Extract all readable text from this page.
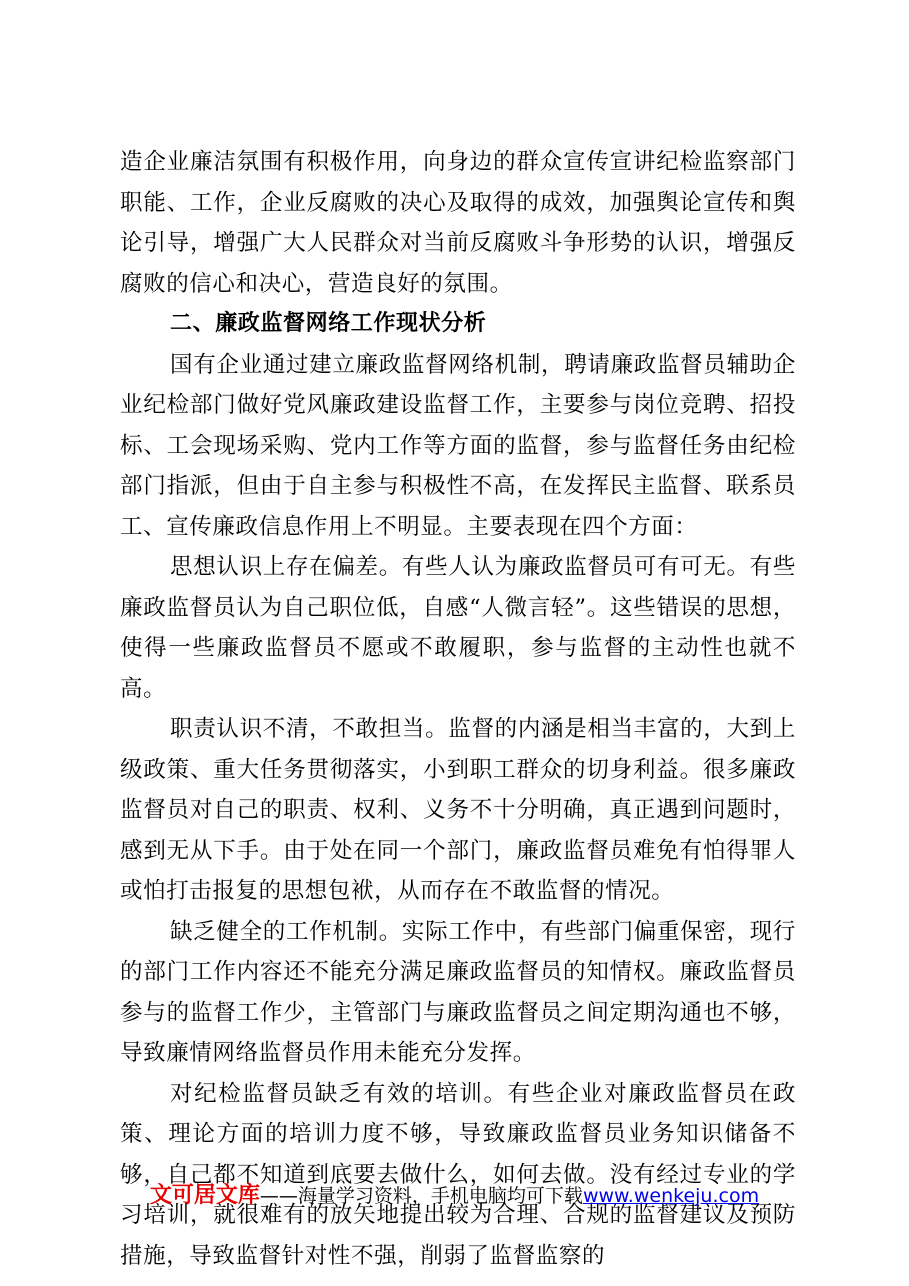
造企业廉洁氛围有积极作用，向身边的群众宣传宣讲纪检监察部门职能、工作，企业反腐败的决心及取得的成效，加强舆论宣传和舆论引导，增强广大人民群众对当前反腐败斗争形势的认识，增强反腐败的信心和决心，营造良好的氛围。

二、廉政监督网络工作现状分析

国有企业通过建立廉政监督网络机制，聘请廉政监督员辅助企业纪检部门做好党风廉政建设监督工作，主要参与岗位竞聘、招投标、工会现场采购、党内工作等方面的监督，参与监督任务由纪检部门指派，但由于自主参与积极性不高，在发挥民主监督、联系员工、宣传廉政信息作用上不明显。主要表现在四个方面：

思想认识上存在偏差。有些人认为廉政监督员可有可无。有些廉政监督员认为自己职位低，自感“人微言轻”。这些错误的思想，使得一些廉政监督员不愿或不敢履职，参与监督的主动性也就不高。

职责认识不清，不敢担当。监督的内涵是相当丰富的，大到上级政策、重大任务贯彻落实，小到职工群众的切身利益。很多廉政监督员对自己的职责、权利、义务不十分明确，真正遇到问题时，感到无从下手。由于处在同一个部门，廉政监督员难免有怕得罪人或怕打击报复的思想包袱，从而存在不敢监督的情况。

缺乏健全的工作机制。实际工作中，有些部门偏重保密，现行的部门工作内容还不能充分满足廉政监督员的知情权。廉政监督员参与的监督工作少，主管部门与廉政监督员之间定期沟通也不够，导致廉情网络监督员作用未能充分发挥。

对纪检监督员缺乏有效的培训。有些企业对廉政监督员在政策、理论方面的培训力度不够，导致廉政监督员业务知识储备不够，自己都不知道到底要去做什么，如何去做。没有经过专业的学习培训，就很难有的放矢地提出较为合理、合规的监督建议及预防措施，导致监督针对性不强，削弱了监督监察的

文可居文库——海量学习资料，手机电脑均可下载www.wenkeju.com
